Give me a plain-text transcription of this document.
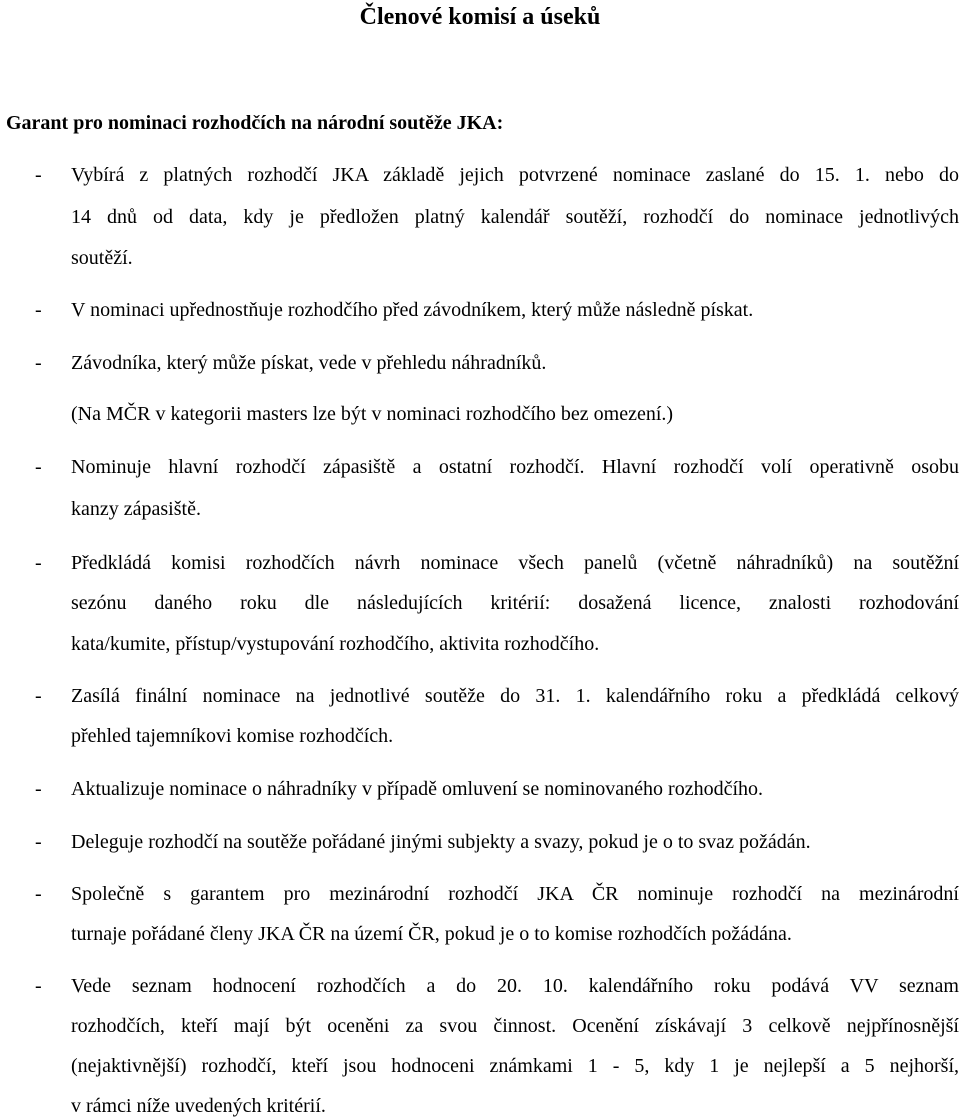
Členové komisí a úseků
Garant pro nominaci rozhodčích na národní soutěže JKA:
- Vybírá z platných rozhodčí JKA základě jejich potvrzené nominace zaslané do 15. 1. nebo do
14 dnů od data, kdy je předložen platný kalendář soutěží, rozhodčí do nominace jednotlivých
soutěží.
- V nominaci upřednostňuje rozhodčího před závodníkem, který může následně pískat.
- Závodníka, který může pískat, vede v přehledu náhradníků.
(Na MČR v kategorii masters lze být v nominaci rozhodčího bez omezení.)
- Nominuje hlavní rozhodčí zápasiště a ostatní rozhodčí. Hlavní rozhodčí volí operativně osobu
kanzy zápasiště.
- Předkládá komisi rozhodčích návrh nominace všech panelů (včetně náhradníků) na soutěžní
sezónu daného roku dle následujících kritérií: dosažená licence, znalosti rozhodování
kata/kumite, přístup/vystupování rozhodčího, aktivita rozhodčího.
- Zasílá finální nominace na jednotlivé soutěže do 31. 1. kalendářního roku a předkládá celkový
přehled tajemníkovi komise rozhodčích.
- Aktualizuje nominace o náhradníky v případě omluvení se nominovaného rozhodčího.
- Deleguje rozhodčí na soutěže pořádané jinými subjekty a svazy, pokud je o to svaz požádán.
- Společně s garantem pro mezinárodní rozhodčí JKA ČR nominuje rozhodčí na mezinárodní
turnaje pořádané členy JKA ČR na území ČR, pokud je o to komise rozhodčích požádána.
- Vede seznam hodnocení rozhodčích a do 20. 10. kalendářního roku podává VV seznam
rozhodčích, kteří mají být oceněni za svou činnost. Ocenění získávají 3 celkově nejpřínosnější
(nejaktivnější) rozhodčí, kteří jsou hodnoceni známkami 1 - 5, kdy 1 je nejlepší a 5 nejhorší,
v rámci níže uvedených kritérií.
